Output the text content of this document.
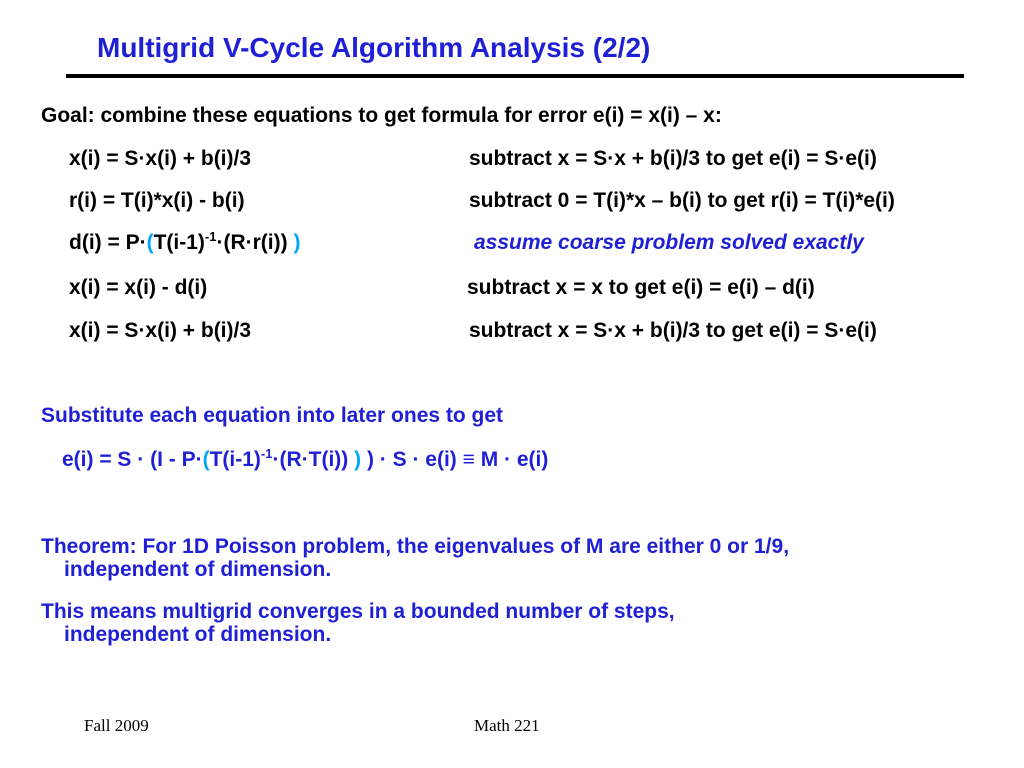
Multigrid V-Cycle Algorithm Analysis (2/2)
Goal: combine these equations to get formula for error e(i) = x(i) – x:
x(i) = S·x(i) + b(i)/3	subtract x = S·x + b(i)/3 to get e(i) = S·e(i)
r(i) = T(i)*x(i) - b(i)	subtract 0 = T(i)*x – b(i) to get r(i) = T(i)*e(i)
$d(i) = P\cdot(T(i-1)^{-1}\cdot(R\cdot r(i))$ )	assume coarse problem solved exactly
x(i) = x(i) - d(i)	subtract x = x to get e(i) = e(i) – d(i)
x(i) = S·x(i) + b(i)/3	subtract x = S·x + b(i)/3 to get e(i) = S·e(i)
Substitute each equation into later ones to get
$e(i) = S \cdot (I - P\cdot(T(i-1)^{-1}\cdot(R\cdot T(i))$ ) ) · S · e(i) ≡ M · e(i)
Theorem: For 1D Poisson problem, the eigenvalues of M are either 0 or 1/9,
independent of dimension.
This means multigrid converges in a bounded number of steps,
independent of dimension.
Fall 2009	Math 221
